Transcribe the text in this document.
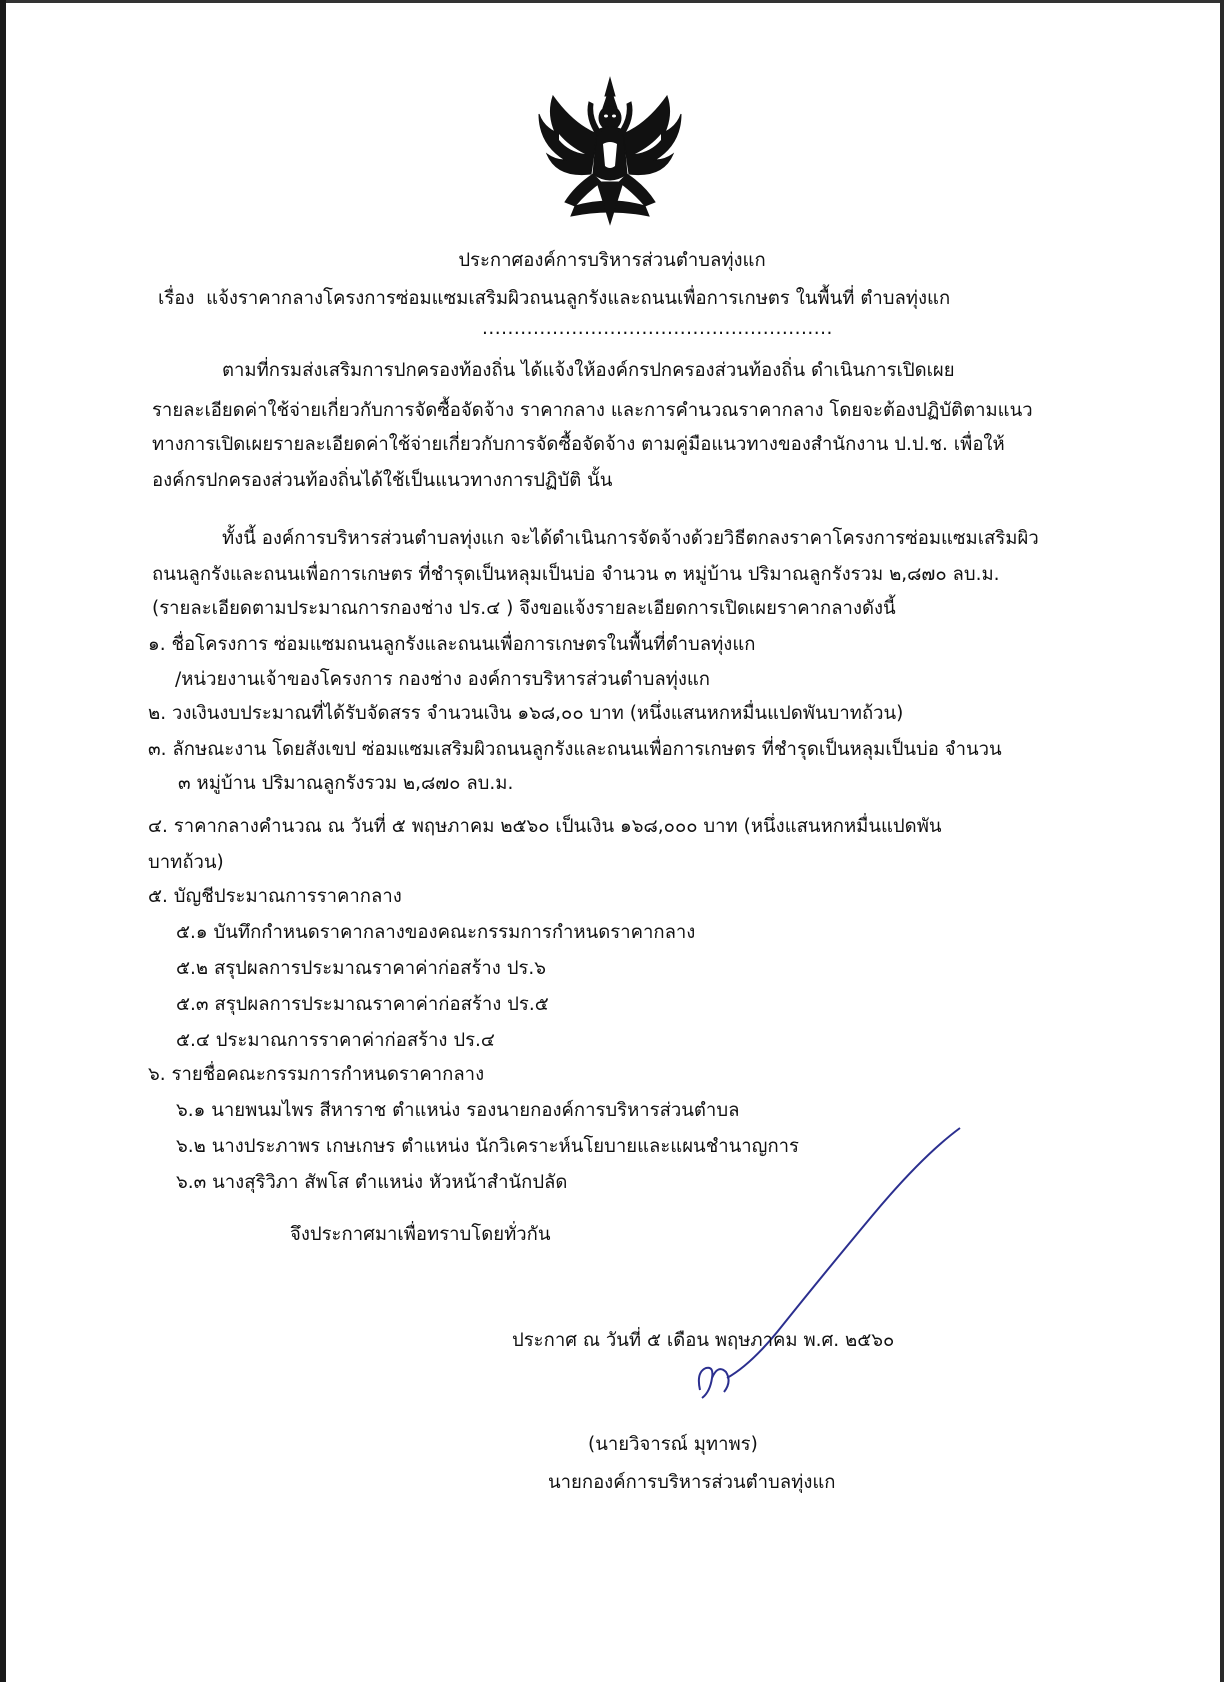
ประกาศองค์การบริหารส่วนตำบลทุ่งแก
เรื่อง แจ้งราคากลางโครงการซ่อมแซมเสริมผิวถนนลูกรังและถนนเพื่อการเกษตร ในพื้นที่ ตำบลทุ่งแก
.......................................................
ตามที่กรมส่งเสริมการปกครองท้องถิ่น ได้แจ้งให้องค์กรปกครองส่วนท้องถิ่น ดำเนินการเปิดเผย
รายละเอียดค่าใช้จ่ายเกี่ยวกับการจัดซื้อจัดจ้าง ราคากลาง และการคำนวณราคากลาง โดยจะต้องปฏิบัติตามแนว
ทางการเปิดเผยรายละเอียดค่าใช้จ่ายเกี่ยวกับการจัดซื้อจัดจ้าง ตามคู่มือแนวทางของสำนักงาน ป.ป.ช. เพื่อให้
องค์กรปกครองส่วนท้องถิ่นได้ใช้เป็นแนวทางการปฏิบัติ นั้น
ทั้งนี้ องค์การบริหารส่วนตำบลทุ่งแก จะได้ดำเนินการจัดจ้างด้วยวิธีตกลงราคาโครงการซ่อมแซมเสริมผิว
ถนนลูกรังและถนนเพื่อการเกษตร ที่ชำรุดเป็นหลุมเป็นบ่อ จำนวน ๓ หมู่บ้าน ปริมาณลูกรังรวม ๒,๘๗๐ ลบ.ม.
(รายละเอียดตามประมาณการกองช่าง ปร.๔ ) จึงขอแจ้งรายละเอียดการเปิดเผยราคากลางดังนี้
๑. ชื่อโครงการ ซ่อมแซมถนนลูกรังและถนนเพื่อการเกษตรในพื้นที่ตำบลทุ่งแก
/หน่วยงานเจ้าของโครงการ กองช่าง องค์การบริหารส่วนตำบลทุ่งแก
๒. วงเงินงบประมาณที่ได้รับจัดสรร จำนวนเงิน ๑๖๘,๐๐ บาท (หนึ่งแสนหกหมื่นแปดพันบาทถ้วน)
๓. ลักษณะงาน โดยสังเขป ซ่อมแซมเสริมผิวถนนลูกรังและถนนเพื่อการเกษตร ที่ชำรุดเป็นหลุมเป็นบ่อ จำนวน
๓ หมู่บ้าน ปริมาณลูกรังรวม ๒,๘๗๐ ลบ.ม.
๔. ราคากลางคำนวณ ณ วันที่ ๕ พฤษภาคม ๒๕๖๐ เป็นเงิน ๑๖๘,๐๐๐ บาท (หนึ่งแสนหกหมื่นแปดพัน
บาทถ้วน)
๕. บัญชีประมาณการราคากลาง
๕.๑ บันทึกกำหนดราคากลางของคณะกรรมการกำหนดราคากลาง
๕.๒ สรุปผลการประมาณราคาค่าก่อสร้าง ปร.๖
๕.๓ สรุปผลการประมาณราคาค่าก่อสร้าง ปร.๕
๕.๔ ประมาณการราคาค่าก่อสร้าง ปร.๔
๖. รายชื่อคณะกรรมการกำหนดราคากลาง
๖.๑ นายพนมไพร สีหาราช ตำแหน่ง รองนายกองค์การบริหารส่วนตำบล
๖.๒ นางประภาพร เกษเกษร ตำแหน่ง นักวิเคราะห์นโยบายและแผนชำนาญการ
๖.๓ นางสุริวิภา สัพโส ตำแหน่ง หัวหน้าสำนักปลัด
จึงประกาศมาเพื่อทราบโดยทั่วกัน
ประกาศ ณ วันที่ ๕ เดือน พฤษภาคม พ.ศ. ๒๕๖๐
(นายวิจารณ์ มุทาพร)
นายกองค์การบริหารส่วนตำบลทุ่งแก
